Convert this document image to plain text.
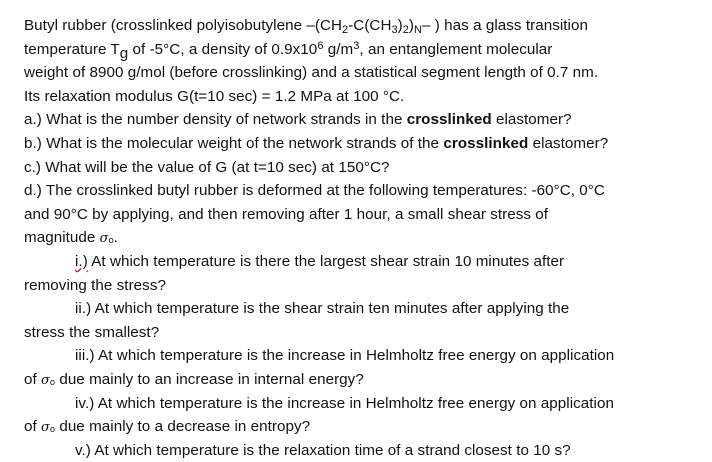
Butyl rubber (crosslinked polyisobutylene $-(CH_2-C(CH_3)_2)_N-$ ) has a glass transition
temperature $T_g$ of -5°C, a density of $0.9x10^6$ $g/m^3$, an entanglement molecular
weight of 8900 g/mol (before crosslinking) and a statistical segment length of 0.7 nm.
Its relaxation modulus G(t=10 sec) = 1.2 MPa at 100 °C.
a.) What is the number density of network strands in the crosslinked elastomer?
b.) What is the molecular weight of the network strands of the crosslinked elastomer?
c.) What will be the value of G (at t=10 sec) at 150°C?
d.) The crosslinked butyl rubber is deformed at the following temperatures: -60°C, 0°C
and 90°C by applying, and then removing after 1 hour, a small shear stress of
magnitude $\sigma_o$.
i.) At which temperature is there the largest shear strain 10 minutes after
removing the stress?
ii.) At which temperature is the shear strain ten minutes after applying the
stress the smallest?
iii.) At which temperature is the increase in Helmholtz free energy on application
of $\sigma_o$ due mainly to an increase in internal energy?
iv.) At which temperature is the increase in Helmholtz free energy on application
of $\sigma_o$ due mainly to a decrease in entropy?
v.) At which temperature is the relaxation time of a strand closest to 10 s?
